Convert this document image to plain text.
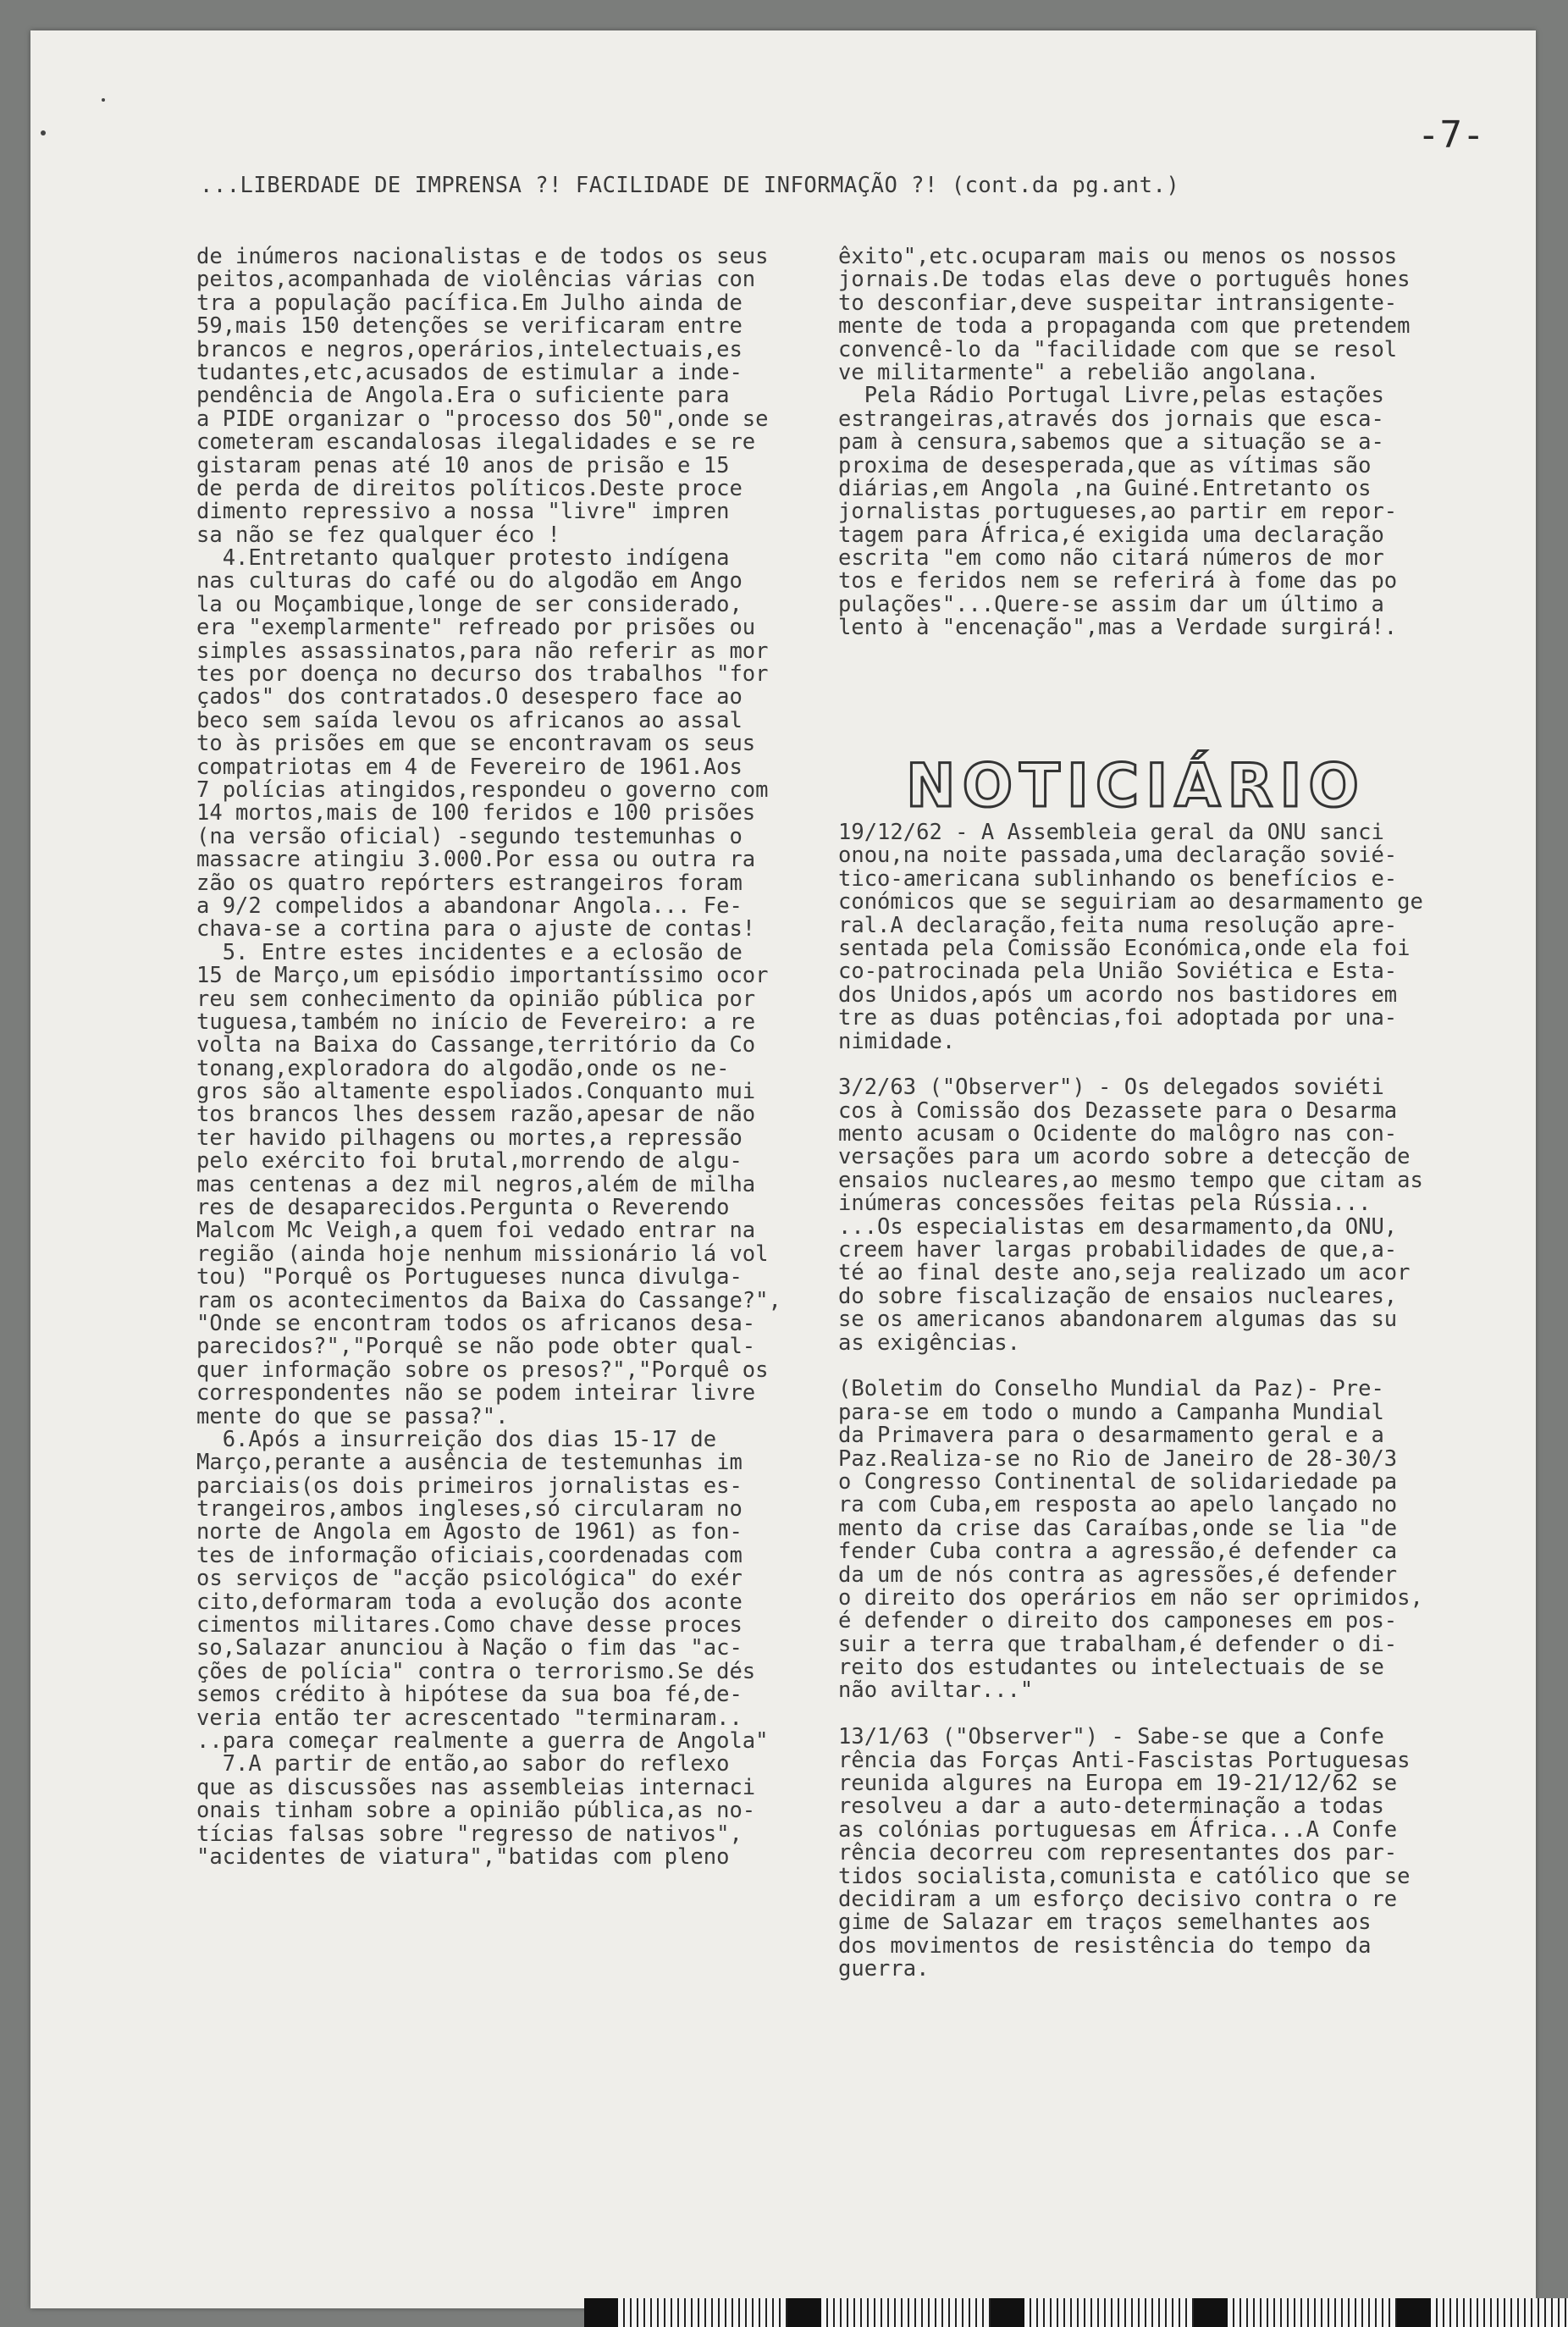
-7-
...LIBERDADE DE IMPRENSA ?! FACILIDADE DE INFORMAÇÃO ?! (cont.da pg.ant.)
de inúmeros nacionalistas e de todos os seus
peitos,acompanhada de violências várias con
tra a população pacífica.Em Julho ainda de
59,mais 150 detenções se verificaram entre
brancos e negros,operários,intelectuais,es
tudantes,etc,acusados de estimular a inde-
pendência de Angola.Era o suficiente para
a PIDE organizar o "processo dos 50",onde se
cometeram escandalosas ilegalidades e se re
gistaram penas até 10 anos de prisão e 15
de perda de direitos políticos.Deste proce
dimento repressivo a nossa "livre" impren
sa não se fez qualquer éco !
4.Entretanto qualquer protesto indígena
nas culturas do café ou do algodão em Ango
la ou Moçambique,longe de ser considerado,
era "exemplarmente" refreado por prisões ou
simples assassinatos,para não referir as mor
tes por doença no decurso dos trabalhos "for
çados" dos contratados.O desespero face ao
beco sem saída levou os africanos ao assal
to às prisões em que se encontravam os seus
compatriotas em 4 de Fevereiro de 1961.Aos
7 polícias atingidos,respondeu o governo com
14 mortos,mais de 100 feridos e 100 prisões
(na versão oficial) -segundo testemunhas o
massacre atingiu 3.000.Por essa ou outra ra
zão os quatro repórters estrangeiros foram
a 9/2 compelidos a abandonar Angola... Fe-
chava-se a cortina para o ajuste de contas!
5. Entre estes incidentes e a eclosão de
15 de Março,um episódio importantíssimo ocor
reu sem conhecimento da opinião pública por
tuguesa,também no início de Fevereiro: a re
volta na Baixa do Cassange,território da Co
tonang,exploradora do algodão,onde os ne-
gros são altamente espoliados.Conquanto mui
tos brancos lhes dessem razão,apesar de não
ter havido pilhagens ou mortes,a repressão
pelo exército foi brutal,morrendo de algu-
mas centenas a dez mil negros,além de milha
res de desaparecidos.Pergunta o Reverendo
Malcom Mc Veigh,a quem foi vedado entrar na
região (ainda hoje nenhum missionário lá vol
tou) "Porquê os Portugueses nunca divulga-
ram os acontecimentos da Baixa do Cassange?",
"Onde se encontram todos os africanos desa-
parecidos?","Porquê se não pode obter qual-
quer informação sobre os presos?","Porquê os
correspondentes não se podem inteirar livre
mente do que se passa?".
6.Após a insurreição dos dias 15-17 de
Março,perante a ausência de testemunhas im
parciais(os dois primeiros jornalistas es-
trangeiros,ambos ingleses,só circularam no
norte de Angola em Agosto de 1961) as fon-
tes de informação oficiais,coordenadas com
os serviços de "acção psicológica" do exér
cito,deformaram toda a evolução dos aconte
cimentos militares.Como chave desse proces
so,Salazar anunciou à Nação o fim das "ac-
ções de polícia" contra o terrorismo.Se dés
semos crédito à hipótese da sua boa fé,de-
veria então ter acrescentado "terminaram..
..para começar realmente a guerra de Angola"
7.A partir de então,ao sabor do reflexo
que as discussões nas assembleias internaci
onais tinham sobre a opinião pública,as no-
tícias falsas sobre "regresso de nativos",
"acidentes de viatura","batidas com pleno
êxito",etc.ocuparam mais ou menos os nossos
jornais.De todas elas deve o português hones
to desconfiar,deve suspeitar intransigente-
mente de toda a propaganda com que pretendem
convencê-lo da "facilidade com que se resol
ve militarmente" a rebelião angolana.
Pela Rádio Portugal Livre,pelas estações
estrangeiras,através dos jornais que esca-
pam à censura,sabemos que a situação se a-
proxima de desesperada,que as vítimas são
diárias,em Angola ,na Guiné.Entretanto os
jornalistas portugueses,ao partir em repor-
tagem para África,é exigida uma declaração
escrita "em como não citará números de mor
tos e feridos nem se referirá à fome das po
pulações"...Quere-se assim dar um último a
lento à "encenação",mas a Verdade surgirá!.
NOTICIÁRIO
19/12/62 - A Assembleia geral da ONU sanci
onou,na noite passada,uma declaração sovié-
tico-americana sublinhando os benefícios e-
conómicos que se seguiriam ao desarmamento ge
ral.A declaração,feita numa resolução apre-
sentada pela Comissão Económica,onde ela foi
co-patrocinada pela União Soviética e Esta-
dos Unidos,após um acordo nos bastidores em
tre as duas potências,foi adoptada por una-
nimidade.
3/2/63 ("Observer") - Os delegados soviéti
cos à Comissão dos Dezassete para o Desarma
mento acusam o Ocidente do malôgro nas con-
versações para um acordo sobre a detecção de
ensaios nucleares,ao mesmo tempo que citam as
inúmeras concessões feitas pela Rússia...
...Os especialistas em desarmamento,da ONU,
creem haver largas probabilidades de que,a-
té ao final deste ano,seja realizado um acor
do sobre fiscalização de ensaios nucleares,
se os americanos abandonarem algumas das su
as exigências.
(Boletim do Conselho Mundial da Paz)- Pre-
para-se em todo o mundo a Campanha Mundial
da Primavera para o desarmamento geral e a
Paz.Realiza-se no Rio de Janeiro de 28-30/3
o Congresso Continental de solidariedade pa
ra com Cuba,em resposta ao apelo lançado no
mento da crise das Caraíbas,onde se lia "de
fender Cuba contra a agressão,é defender ca
da um de nós contra as agressões,é defender
o direito dos operários em não ser oprimidos,
é defender o direito dos camponeses em pos-
suir a terra que trabalham,é defender o di-
reito dos estudantes ou intelectuais de se
não aviltar..."
13/1/63 ("Observer") - Sabe-se que a Confe
rência das Forças Anti-Fascistas Portuguesas
reunida algures na Europa em 19-21/12/62 se
resolveu a dar a auto-determinação a todas
as colónias portuguesas em África...A Confe
rência decorreu com representantes dos par-
tidos socialista,comunista e católico que se
decidiram a um esforço decisivo contra o re
gime de Salazar em traços semelhantes aos
dos movimentos de resistência do tempo da
guerra.
